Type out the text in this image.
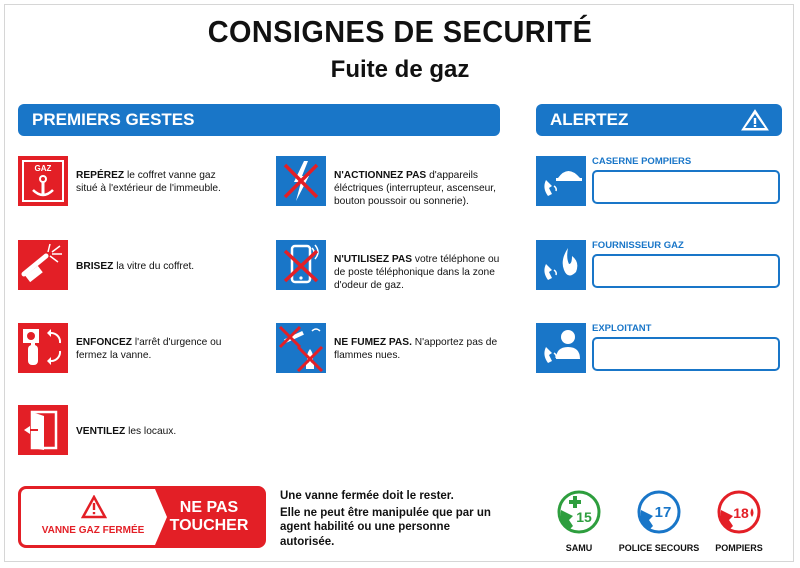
CONSIGNES DE SECURITÉ
Fuite de gaz
PREMIERS GESTES	ALERTEZ
GAZ
REPÉREZ le coffret vanne gaz situé à l'extérieur de l'immeuble.
BRISEZ la vitre du coffret.
ENFONCEZ l'arrêt d'urgence ou fermez la vanne.
VENTILEZ les locaux.
N'ACTIONNEZ PAS d'appareils éléctriques (interrupteur, ascenseur, bouton poussoir ou sonnerie).
N'UTILISEZ PAS votre téléphone ou de poste téléphonique dans la zone d'odeur de gaz.
NE FUMEZ PAS. N'apportez pas de flammes nues.
CASERNE POMPIERS
FOURNISSEUR GAZ
EXPLOITANT
VANNE GAZ FERMÉE
NE PAS
TOUCHER

Une vanne fermée doit le rester.

Elle ne peut être manipulée que par un agent habilité ou une personne autorisée.

15
SAMU
17
POLICE SECOURS
18
POMPIERS
